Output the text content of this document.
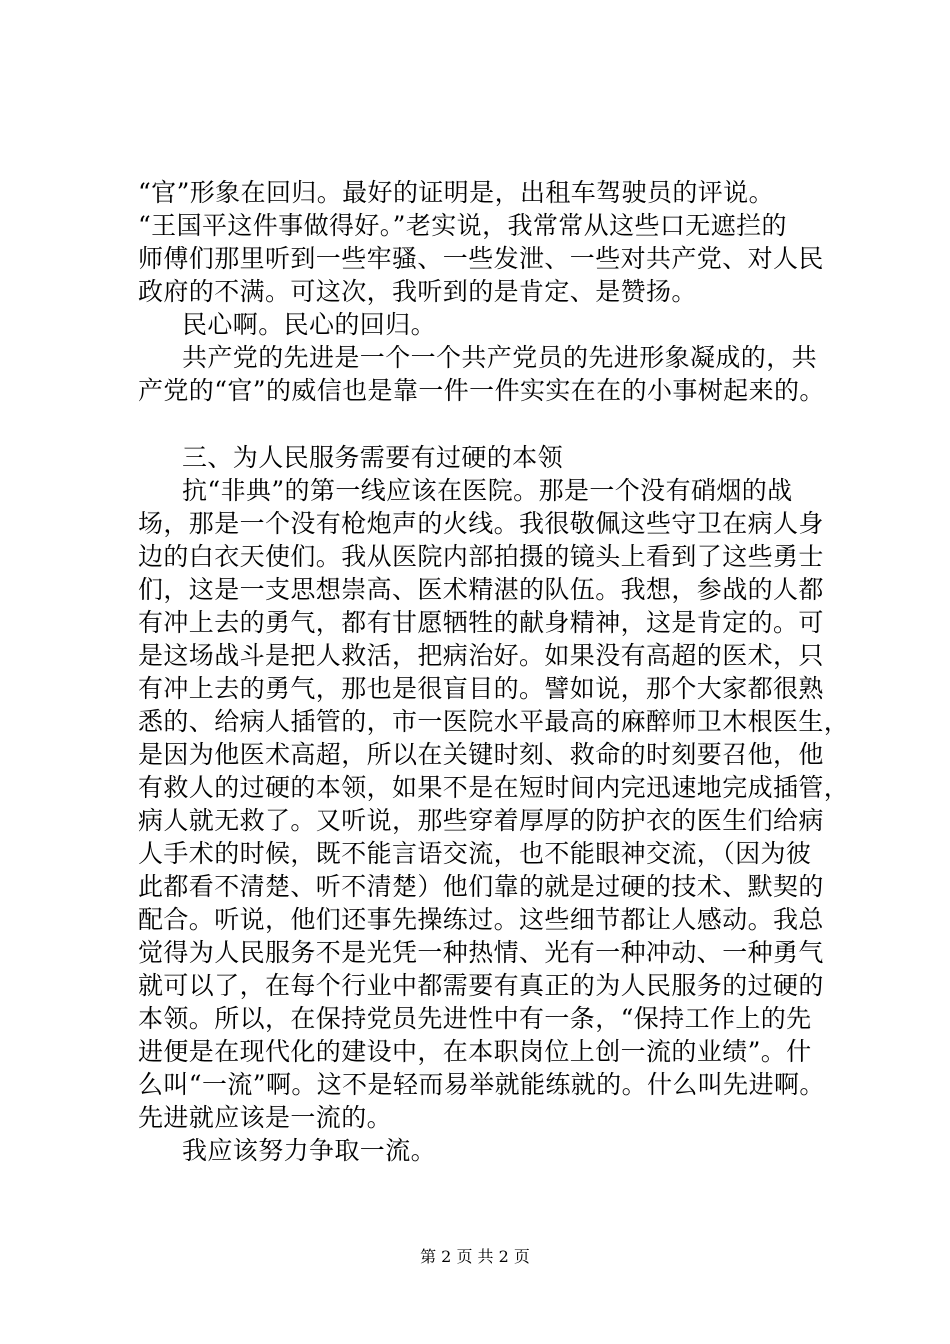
“官”形象在回归。最好的证明是，出租车驾驶员的评说。
“王国平这件事做得好。”老实说，我常常从这些口无遮拦的
师傅们那里听到一些牢骚、一些发泄、一些对共产党、对人民
政府的不满。可这次，我听到的是肯定、是赞扬。
民心啊。民心的回归。
共产党的先进是一个一个共产党员的先进形象凝成的，共
产党的“官”的威信也是靠一件一件实实在在的小事树起来的。
三、为人民服务需要有过硬的本领
抗“非典”的第一线应该在医院。那是一个没有硝烟的战
场，那是一个没有枪炮声的火线。我很敬佩这些守卫在病人身
边的白衣天使们。我从医院内部拍摄的镜头上看到了这些勇士
们，这是一支思想崇高、医术精湛的队伍。我想，参战的人都
有冲上去的勇气，都有甘愿牺牲的献身精神，这是肯定的。可
是这场战斗是把人救活，把病治好。如果没有高超的医术，只
有冲上去的勇气，那也是很盲目的。譬如说，那个大家都很熟
悉的、给病人插管的，市一医院水平最高的麻醉师卫木根医生，
是因为他医术高超，所以在关键时刻、救命的时刻要召他，他
有救人的过硬的本领，如果不是在短时间内完迅速地完成插管，
病人就无救了。又听说，那些穿着厚厚的防护衣的医生们给病
人手术的时候，既不能言语交流，也不能眼神交流，（因为彼
此都看不清楚、听不清楚）他们靠的就是过硬的技术、默契的
配合。听说，他们还事先操练过。这些细节都让人感动。我总
觉得为人民服务不是光凭一种热情、光有一种冲动、一种勇气
就可以了，在每个行业中都需要有真正的为人民服务的过硬的
本领。所以，在保持党员先进性中有一条，“保持工作上的先
进便是在现代化的建设中，在本职岗位上创一流的业绩”。什
么叫“一流”啊。这不是轻而易举就能练就的。什么叫先进啊。
先进就应该是一流的。
我应该努力争取一流。
第 2 页 共 2 页
